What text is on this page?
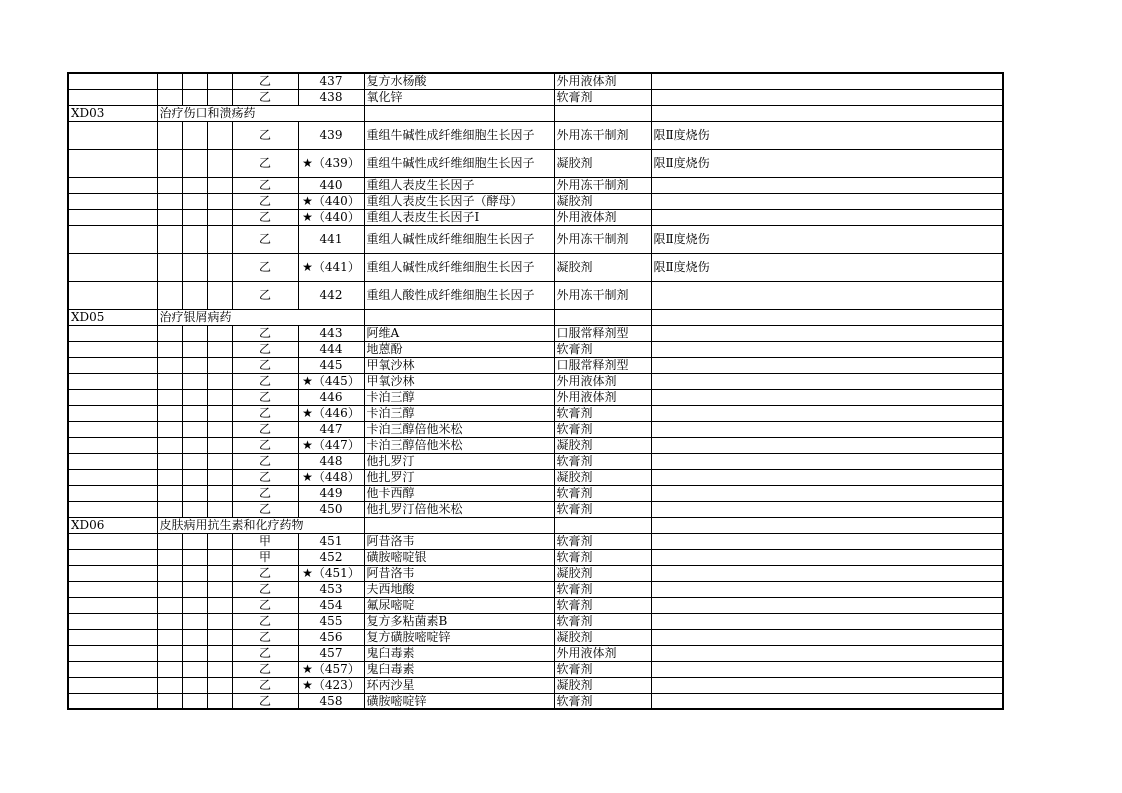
				乙	437	复方水杨酸	外用液体剂	
				乙	438	氧化锌	软膏剂	
XD03	治疗伤口和溃疡药							
				乙	439	重组牛碱性成纤维细胞生长因子	外用冻干制剂	限Ⅱ度烧伤
				乙	★（439）	重组牛碱性成纤维细胞生长因子	凝胶剂	限Ⅱ度烧伤
				乙	440	重组人表皮生长因子	外用冻干制剂	
				乙	★（440）	重组人表皮生长因子（酵母）	凝胶剂	
				乙	★（440）	重组人表皮生长因子Ⅰ	外用液体剂	
				乙	441	重组人碱性成纤维细胞生长因子	外用冻干制剂	限Ⅱ度烧伤
				乙	★（441）	重组人碱性成纤维细胞生长因子	凝胶剂	限Ⅱ度烧伤
				乙	442	重组人酸性成纤维细胞生长因子	外用冻干制剂	
XD05	治疗银屑病药							
				乙	443	阿维A	口服常释剂型	
				乙	444	地蒽酚	软膏剂	
				乙	445	甲氧沙林	口服常释剂型	
				乙	★（445）	甲氧沙林	外用液体剂	
				乙	446	卡泊三醇	外用液体剂	
				乙	★（446）	卡泊三醇	软膏剂	
				乙	447	卡泊三醇倍他米松	软膏剂	
				乙	★（447）	卡泊三醇倍他米松	凝胶剂	
				乙	448	他扎罗汀	软膏剂	
				乙	★（448）	他扎罗汀	凝胶剂	
				乙	449	他卡西醇	软膏剂	
				乙	450	他扎罗汀倍他米松	软膏剂	
XD06	皮肤病用抗生素和化疗药物							
				甲	451	阿昔洛韦	软膏剂	
				甲	452	磺胺嘧啶银	软膏剂	
				乙	★（451）	阿昔洛韦	凝胶剂	
				乙	453	夫西地酸	软膏剂	
				乙	454	氟尿嘧啶	软膏剂	
				乙	455	复方多粘菌素B	软膏剂	
				乙	456	复方磺胺嘧啶锌	凝胶剂	
				乙	457	鬼臼毒素	外用液体剂	
				乙	★（457）	鬼臼毒素	软膏剂	
				乙	★（423）	环丙沙星	凝胶剂	
				乙	458	磺胺嘧啶锌	软膏剂	
